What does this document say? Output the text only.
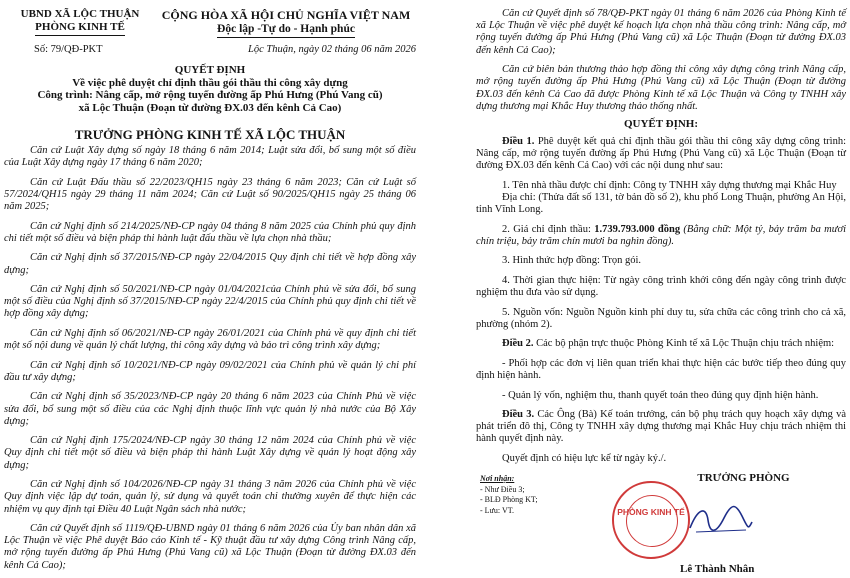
UBND XÃ LỘC THUẬN
PHÒNG KINH TẾ
CỘNG HÒA XÃ HỘI CHỦ NGHĨA VIỆT NAM
Độc lập -Tự do - Hạnh phúc
Số: 79/QĐ-PKT	Lộc Thuận, ngày 02 tháng 06 năm 2026
QUYẾT ĐỊNH
Về việc phê duyệt chỉ định thầu gói thầu thi công xây dựng
Công trình: Nâng cấp, mở rộng tuyến đường ấp Phú Hưng (Phú Vang cũ)
xã Lộc Thuận (Đoạn từ đường ĐX.03 đến kênh Cả Cao)
TRƯỞNG PHÒNG KINH TẾ XÃ LỘC THUẬN

Căn cứ Luật Xây dựng số ngày 18 tháng 6 năm 2014; Luật sửa đổi, bổ sung một số điều của Luật Xây dựng ngày 17 tháng 6 năm 2020;

Căn cứ Luật Đấu thầu số 22/2023/QH15 ngày 23 tháng 6 năm 2023; Căn cứ Luật số 57/2024/QH15 ngày 29 tháng 11 năm 2024; Căn cứ Luật số 90/2025/QH15 ngày 25 tháng 06 năm 2025;

Căn cứ Nghị định số 214/2025/NĐ-CP ngày 04 tháng 8 năm 2025 của Chính phủ quy định chi tiết một số điều và biện pháp thi hành luật đấu thầu về lựa chọn nhà thầu;

Căn cứ Nghị định số 37/2015/NĐ-CP ngày 22/04/2015 Quy định chi tiết về hợp đồng xây dựng;

Căn cứ Nghị định số 50/2021/NĐ-CP ngày 01/04/2021của Chính phủ về sửa đổi, bổ sung một số điều của Nghị định số 37/2015/NĐ-CP ngày 22/4/2015 của Chính phủ quy định chi tiết về hợp đồng xây dựng;

Căn cứ Nghị định số 06/2021/NĐ-CP ngày 26/01/2021 của Chính phủ về quy định chi tiết một số nội dung về quản lý chất lượng, thi công xây dựng và bảo trì công trình xây dựng;

Căn cứ Nghị định số 10/2021/NĐ-CP ngày 09/02/2021 của Chính phủ về quản lý chi phí đầu tư xây dựng;

Căn cứ Nghị định số 35/2023/NĐ-CP ngày 20 tháng 6 năm 2023 của Chính Phủ về việc sửa đổi, bổ sung một số điều của các Nghị định thuộc lĩnh vực quản lý nhà nước của Bộ Xây dựng;

Căn cứ Nghị định 175/2024/NĐ-CP ngày 30 tháng 12 năm 2024 của Chính phủ về việc Quy định chi tiết một số điều và biện pháp thi hành Luật Xây dựng về quản lý hoạt động xây dựng;

Căn cứ Nghị định số 104/2026/NĐ-CP ngày 31 tháng 3 năm 2026 của Chính phủ về việc Quy định việc lập dự toán, quản lý, sử dụng và quyết toán chi thường xuyên để thực hiện các nhiệm vụ quy định tại Điều 40 Luật Ngân sách nhà nước;

Căn cứ Quyết định số 1119/QĐ-UBND ngày 01 tháng 6 năm 2026 của Ủy ban nhân dân xã Lộc Thuận về việc Phê duyệt Báo cáo Kinh tế - Kỹ thuật đầu tư xây dựng Công trình Nâng cấp, mở rộng tuyến đường ấp Phú Hưng (Phú Vang cũ) xã Lộc Thuận (Đoạn từ đường ĐX.03 đến kênh Cả Cao);

Căn cứ Quyết định số 78/QĐ-PKT ngày 01 tháng 6 năm 2026 của Phòng Kinh tế xã Lộc Thuận về việc phê duyệt kế hoạch lựa chọn nhà thầu công trình: Nâng cấp, mở rộng tuyến đường ấp Phú Hưng (Phú Vang cũ) xã Lộc Thuận (Đoạn từ đường ĐX.03 đến kênh Cả Cao);

Căn cứ biên bản thương thảo hợp đồng thi công xây dựng công trình Nâng cấp, mở rộng tuyến đường ấp Phú Hưng (Phú Vang cũ) xã Lộc Thuận (Đoạn từ đường ĐX.03 đến kênh Cả Cao đã được Phòng Kinh tế xã Lộc Thuận và Công ty TNHH xây dựng thương mại Khắc Huy thương thảo thống nhất.

QUYẾT ĐỊNH:

Điều 1. Phê duyệt kết quả chỉ định thầu gói thầu thi công xây dựng công trình: Nâng cấp, mở rộng tuyến đường ấp Phú Hưng (Phú Vang cũ) xã Lộc Thuận (Đoạn từ đường ĐX.03 đến kênh Cả Cao) với các nội dung như sau:

1. Tên nhà thầu được chỉ định: Công ty TNHH xây dựng thương mại Khắc Huy

Địa chỉ: (Thửa đất số 131, tờ bản đồ số 2), khu phố Long Thuận, phường An Hội, tỉnh Vĩnh Long.

2. Giá chỉ định thầu: 1.739.793.000 đồng (Bằng chữ: Một tỷ, bảy trăm ba mươi chín triệu, bảy trăm chín mươi ba nghìn đồng).

3. Hình thức hợp đồng: Trọn gói.

4. Thời gian thực hiện: Từ ngày công trình khởi công đến ngày công trình được nghiệm thu đưa vào sử dụng.

5. Nguồn vốn: Nguồn Nguồn kinh phí duy tu, sửa chữa các công trình cho cả xã, phường (nhóm 2).

Điều 2. Các bộ phận trực thuộc Phòng Kinh tế xã Lộc Thuận chịu trách nhiệm:

- Phối hợp các đơn vị liên quan triển khai thực hiện các bước tiếp theo đúng quy định hiện hành.

- Quản lý vốn, nghiệm thu, thanh quyết toán theo đúng quy định hiện hành.

Điều 3. Các Ông (Bà) Kế toán trưởng, cán bộ phụ trách quy hoạch xây dựng và phát triển đô thị, Công ty TNHH xây dựng thương mại Khắc Huy chịu trách nhiệm thi hành quyết định này.

Quyết định có hiệu lực kể từ ngày ký./.

Nơi nhận:
- Như Điều 3;
- BLĐ Phòng KT;
- Lưu: VT.
TRƯỞNG PHÒNG
PHÒNG KINH TẾ
Lê Thành Nhân
